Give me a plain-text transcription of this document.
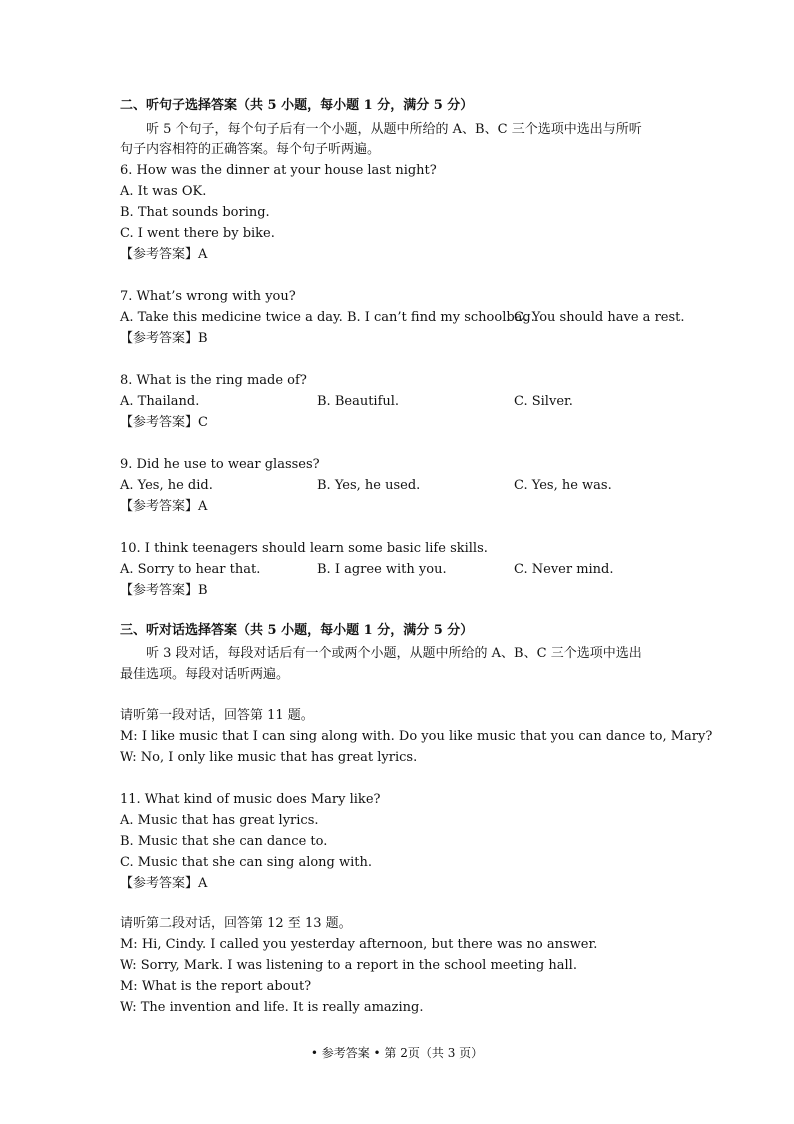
二、听句子选择答案（共 5 小题，每小题 1 分，满分 5 分）
听 5 个句子，每个句子后有一个小题，从题中所给的 A、B、C 三个选项中选出与所听
句子内容相符的正确答案。每个句子听两遍。
6. How was the dinner at your house last night?
A. It was OK.
B. That sounds boring.
C. I went there by bike.
【参考答案】A
7. What’s wrong with you?
A. Take this medicine twice a day. B. I can’t find my schoolbag.
C. You should have a rest.
【参考答案】B
8. What is the ring made of?
A. Thailand.	B. Beautiful.	C. Silver.
【参考答案】C
9. Did he use to wear glasses?
A. Yes, he did.	B. Yes, he used.	C. Yes, he was.
【参考答案】A
10. I think teenagers should learn some basic life skills.
A. Sorry to hear that.	B. I agree with you.	C. Never mind.
【参考答案】B
三、听对话选择答案（共 5 小题，每小题 1 分，满分 5 分）
听 3 段对话，每段对话后有一个或两个小题，从题中所给的 A、B、C 三个选项中选出
最佳选项。每段对话听两遍。
请听第一段对话，回答第 11 题。
M: I like music that I can sing along with. Do you like music that you can dance to, Mary?
W: No, I only like music that has great lyrics.
11. What kind of music does Mary like?
A. Music that has great lyrics.
B. Music that she can dance to.
C. Music that she can sing along with.
【参考答案】A
请听第二段对话，回答第 12 至 13 题。
M: Hi, Cindy. I called you yesterday afternoon, but there was no answer.
W: Sorry, Mark. I was listening to a report in the school meeting hall.
M: What is the report about?
W: The invention and life. It is really amazing.
• 参考答案 • 第 2页（共 3 页）
